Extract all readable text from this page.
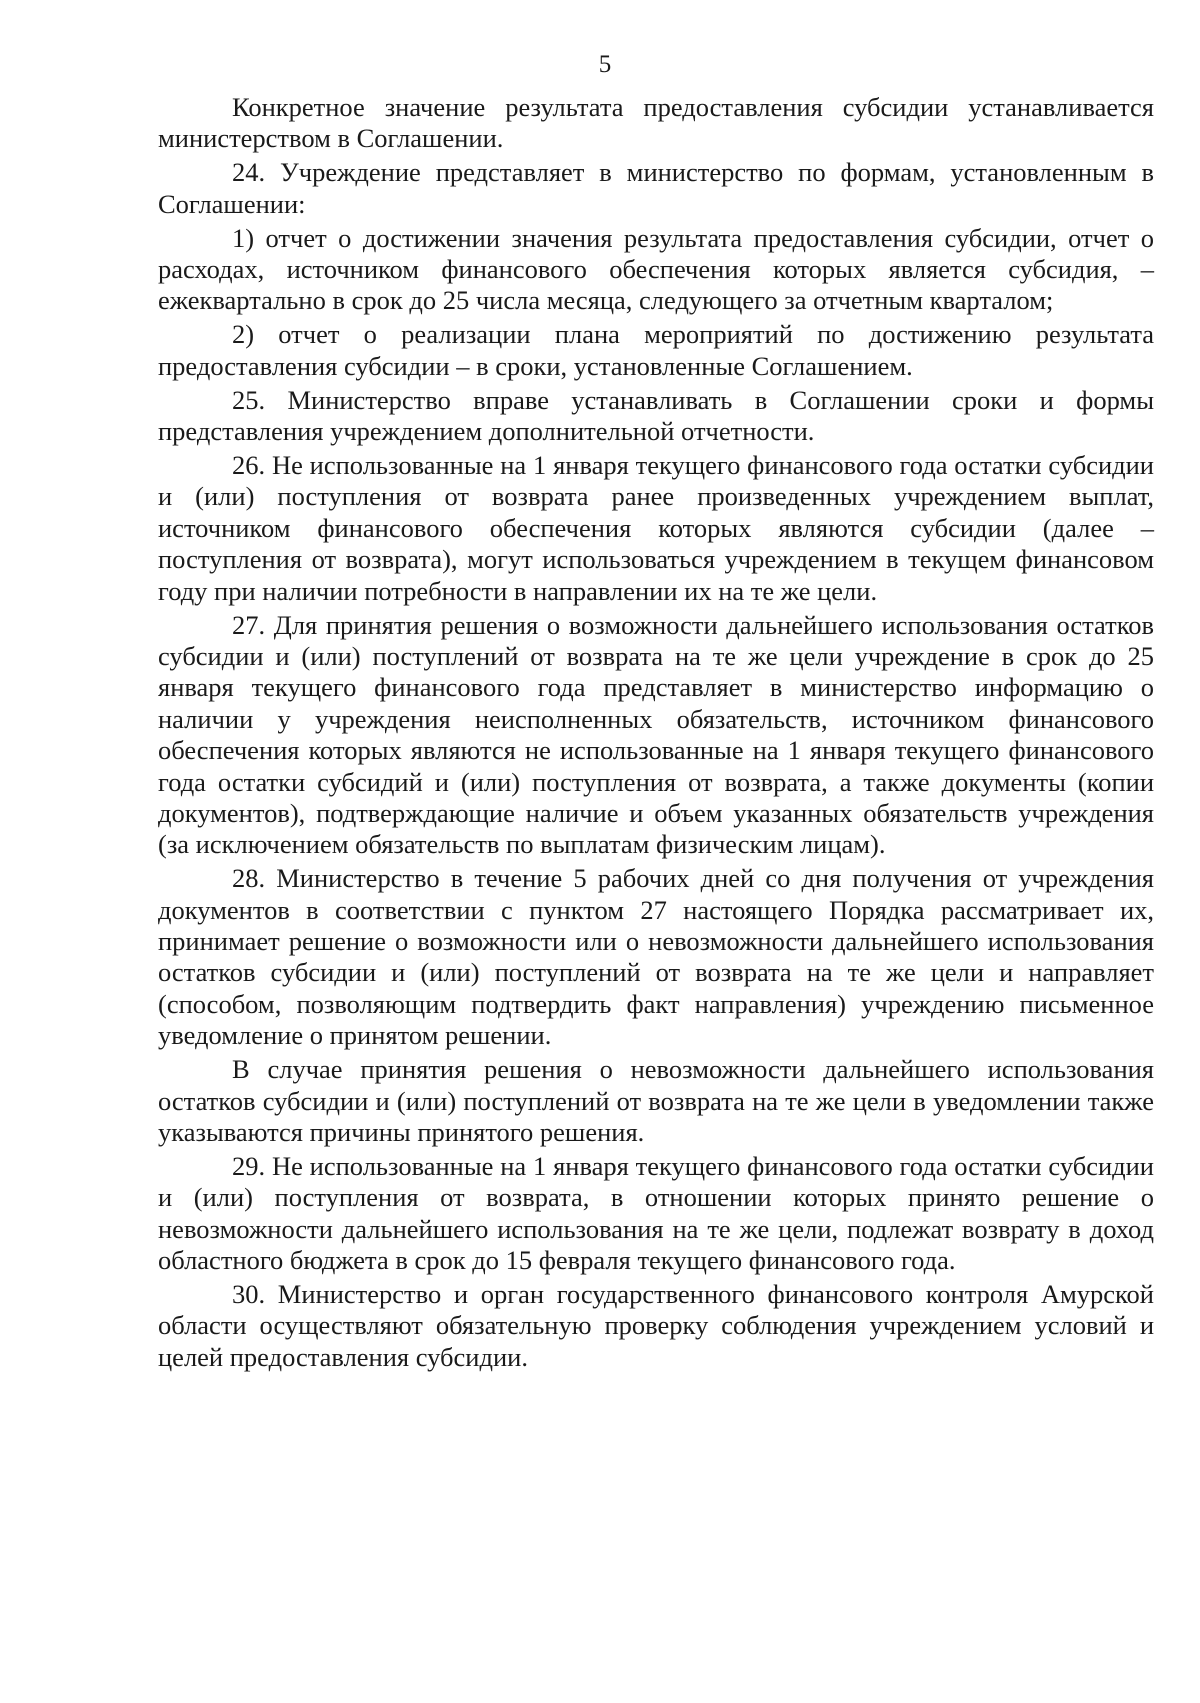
5

Конкретное значение результата предоставления субсидии устанавливается министерством в Соглашении.

24. Учреждение представляет в министерство по формам, установленным в Соглашении:

1) отчет о достижении значения результата предоставления субсидии, отчет о расходах, источником финансового обеспечения которых является субсидия, – ежеквартально в срок до 25 числа месяца, следующего за отчетным кварталом;

2) отчет о реализации плана мероприятий по достижению результата предоставления субсидии – в сроки, установленные Соглашением.

25. Министерство вправе устанавливать в Соглашении сроки и формы представления учреждением дополнительной отчетности.

26. Не использованные на 1 января текущего финансового года остатки субсидии и (или) поступления от возврата ранее произведенных учреждением выплат, источником финансового обеспечения которых являются субсидии (далее – поступления от возврата), могут использоваться учреждением в текущем финансовом году при наличии потребности в направлении их на те же цели.

27. Для принятия решения о возможности дальнейшего использования остатков субсидии и (или) поступлений от возврата на те же цели учреждение в срок до 25 января текущего финансового года представляет в министерство информацию о наличии у учреждения неисполненных обязательств, источником финансового обеспечения которых являются не использованные на 1 января текущего финансового года остатки субсидий и (или) поступления от возврата, а также документы (копии документов), подтверждающие наличие и объем указанных обязательств учреждения (за исключением обязательств по выплатам физическим лицам).

28. Министерство в течение 5 рабочих дней со дня получения от учреждения документов в соответствии с пунктом 27 настоящего Порядка рассматривает их, принимает решение о возможности или о невозможности дальнейшего использования остатков субсидии и (или) поступлений от возврата на те же цели и направляет (способом, позволяющим подтвердить факт направления) учреждению письменное уведомление о принятом решении.

В случае принятия решения о невозможности дальнейшего использования остатков субсидии и (или) поступлений от возврата на те же цели в уведомлении также указываются причины принятого решения.

29. Не использованные на 1 января текущего финансового года остатки субсидии и (или) поступления от возврата, в отношении которых принято решение о невозможности дальнейшего использования на те же цели, подлежат возврату в доход областного бюджета в срок до 15 февраля текущего финансового года.

30. Министерство и орган государственного финансового контроля Амурской области осуществляют обязательную проверку соблюдения учреждением условий и целей предоставления субсидии.
